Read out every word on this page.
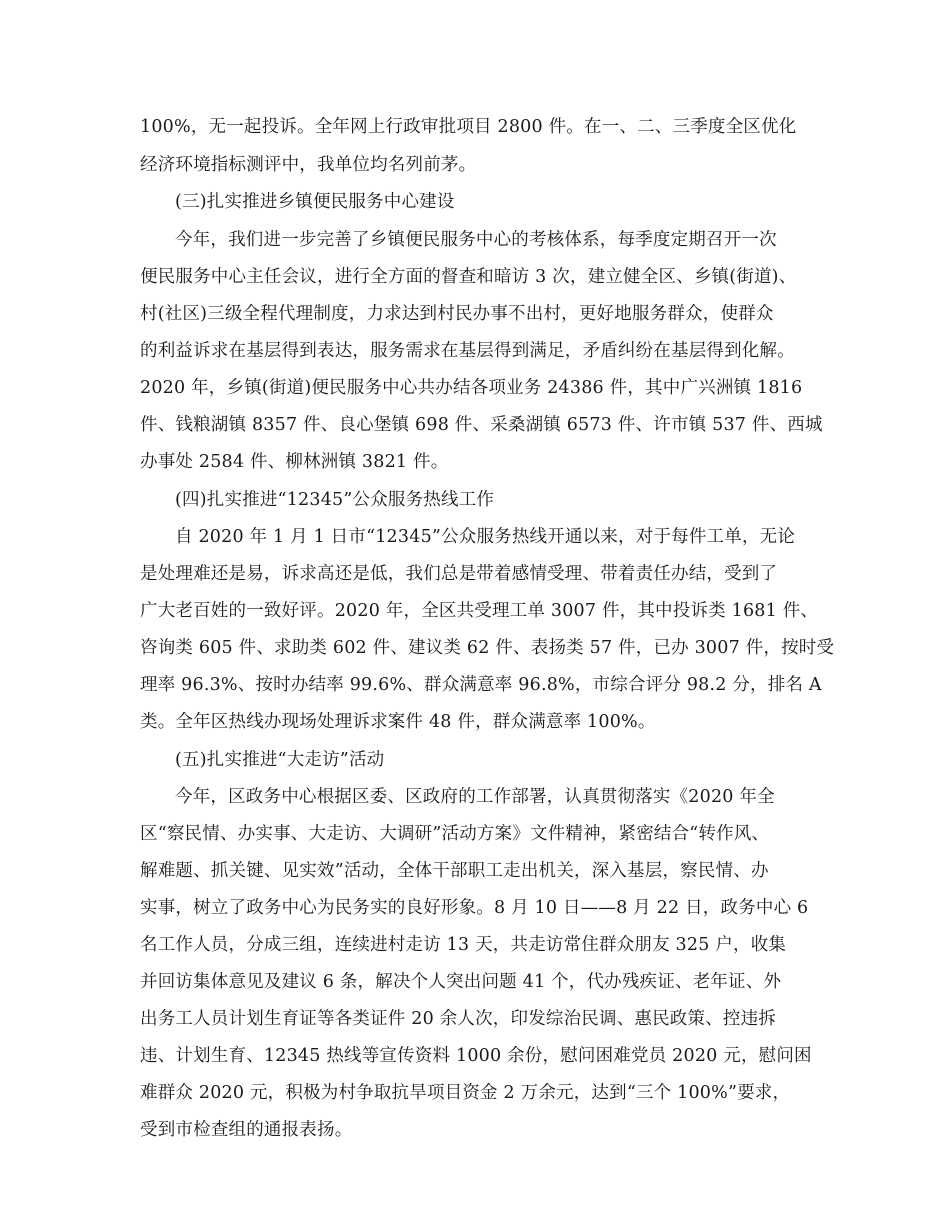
100%，无一起投诉。全年网上行政审批项目 2800 件。在一、二、三季度全区优化
经济环境指标测评中，我单位均名列前茅。
(三)扎实推进乡镇便民服务中心建设
今年，我们进一步完善了乡镇便民服务中心的考核体系，每季度定期召开一次
便民服务中心主任会议，进行全方面的督查和暗访 3 次，建立健全区、乡镇(街道)、
村(社区)三级全程代理制度，力求达到村民办事不出村，更好地服务群众，使群众
的利益诉求在基层得到表达，服务需求在基层得到满足，矛盾纠纷在基层得到化解。
2020 年，乡镇(街道)便民服务中心共办结各项业务 24386 件，其中广兴洲镇 1816
件、钱粮湖镇 8357 件、良心堡镇 698 件、采桑湖镇 6573 件、许市镇 537 件、西城
办事处 2584 件、柳林洲镇 3821 件。
(四)扎实推进“12345”公众服务热线工作
自 2020 年 1 月 1 日市“12345”公众服务热线开通以来，对于每件工单，无论
是处理难还是易，诉求高还是低，我们总是带着感情受理、带着责任办结，受到了
广大老百姓的一致好评。2020 年，全区共受理工单 3007 件，其中投诉类 1681 件、
咨询类 605 件、求助类 602 件、建议类 62 件、表扬类 57 件，已办 3007 件，按时受
理率 96.3%、按时办结率 99.6%、群众满意率 96.8%，市综合评分 98.2 分，排名 A
类。全年区热线办现场处理诉求案件 48 件，群众满意率 100%。
(五)扎实推进“大走访”活动
今年，区政务中心根据区委、区政府的工作部署，认真贯彻落实《2020 年全
区“察民情、办实事、大走访、大调研”活动方案》文件精神，紧密结合“转作风、
解难题、抓关键、见实效”活动，全体干部职工走出机关，深入基层，察民情、办
实事，树立了政务中心为民务实的良好形象。8 月 10 日——8 月 22 日，政务中心 6
名工作人员，分成三组，连续进村走访 13 天，共走访常住群众朋友 325 户，收集
并回访集体意见及建议 6 条，解决个人突出问题 41 个，代办残疾证、老年证、外
出务工人员计划生育证等各类证件 20 余人次，印发综治民调、惠民政策、控违拆
违、计划生育、12345 热线等宣传资料 1000 余份，慰问困难党员 2020 元，慰问困
难群众 2020 元，积极为村争取抗旱项目资金 2 万余元，达到“三个 100%”要求，
受到市检查组的通报表扬。
